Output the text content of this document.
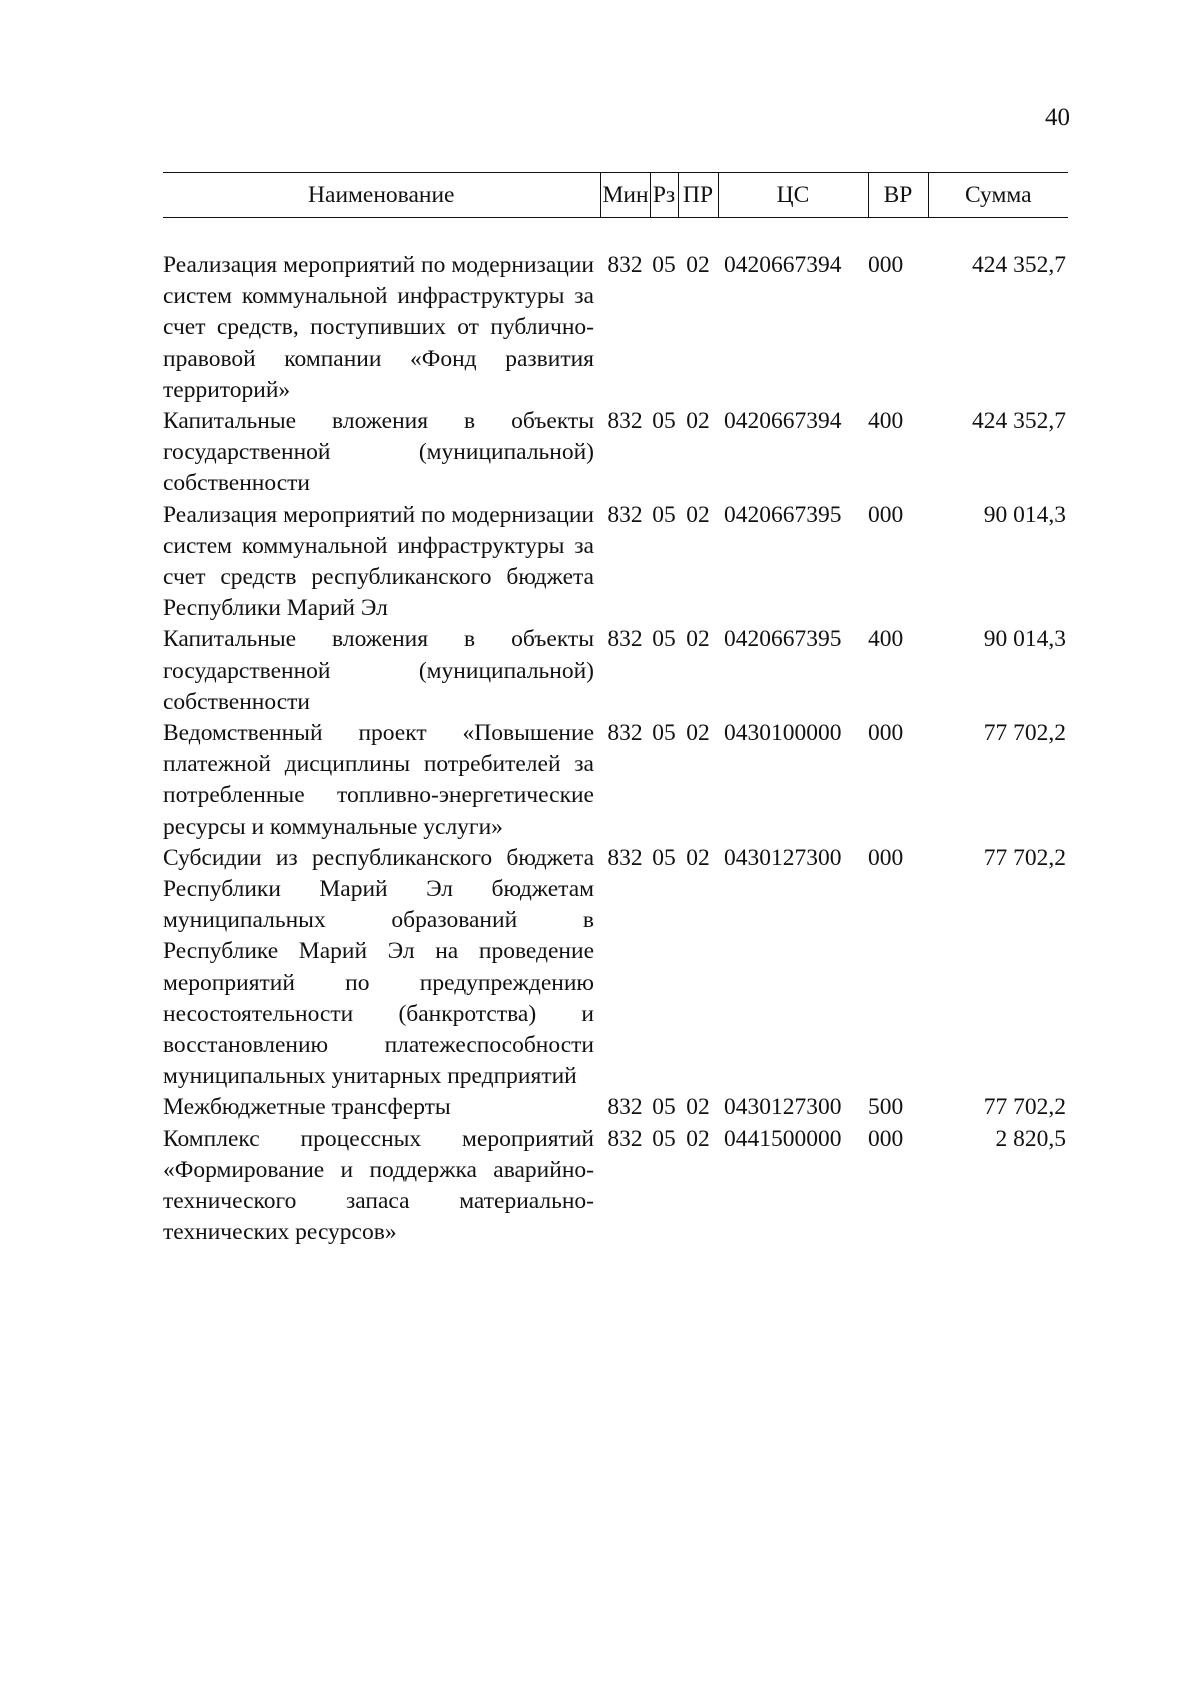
40
Наименование	Мин	Рз	ПР	ЦС	ВР	Сумма

Реализация мероприятий по модернизации систем коммунальной инфраструктуры за счет средств, поступивших от публично-правовой компании «Фонд развития территорий»	832	05	02	0420667394	000	424 352,7
Капитальные вложения в объекты государственной (муниципальной) собственности	832	05	02	0420667394	400	424 352,7
Реализация мероприятий по модернизации систем коммунальной инфраструктуры за счет средств республиканского бюджета Республики Марий Эл	832	05	02	0420667395	000	90 014,3
Капитальные вложения в объекты государственной (муниципальной) собственности	832	05	02	0420667395	400	90 014,3
Ведомственный проект «Повышение платежной дисциплины потребителей за потребленные топливно-энергетические ресурсы и коммунальные услуги»	832	05	02	0430100000	000	77 702,2
Субсидии из республиканского бюджета Республики Марий Эл бюджетам муниципальных образований в Республике Марий Эл на проведение мероприятий по предупреждению несостоятельности (банкротства) и восстановлению платежеспособности муниципальных унитарных предприятий	832	05	02	0430127300	000	77 702,2
Межбюджетные трансферты	832	05	02	0430127300	500	77 702,2
Комплекс процессных мероприятий «Формирование и поддержка аварийно-технического запаса материально-технических ресурсов»	832	05	02	0441500000	000	2 820,5
